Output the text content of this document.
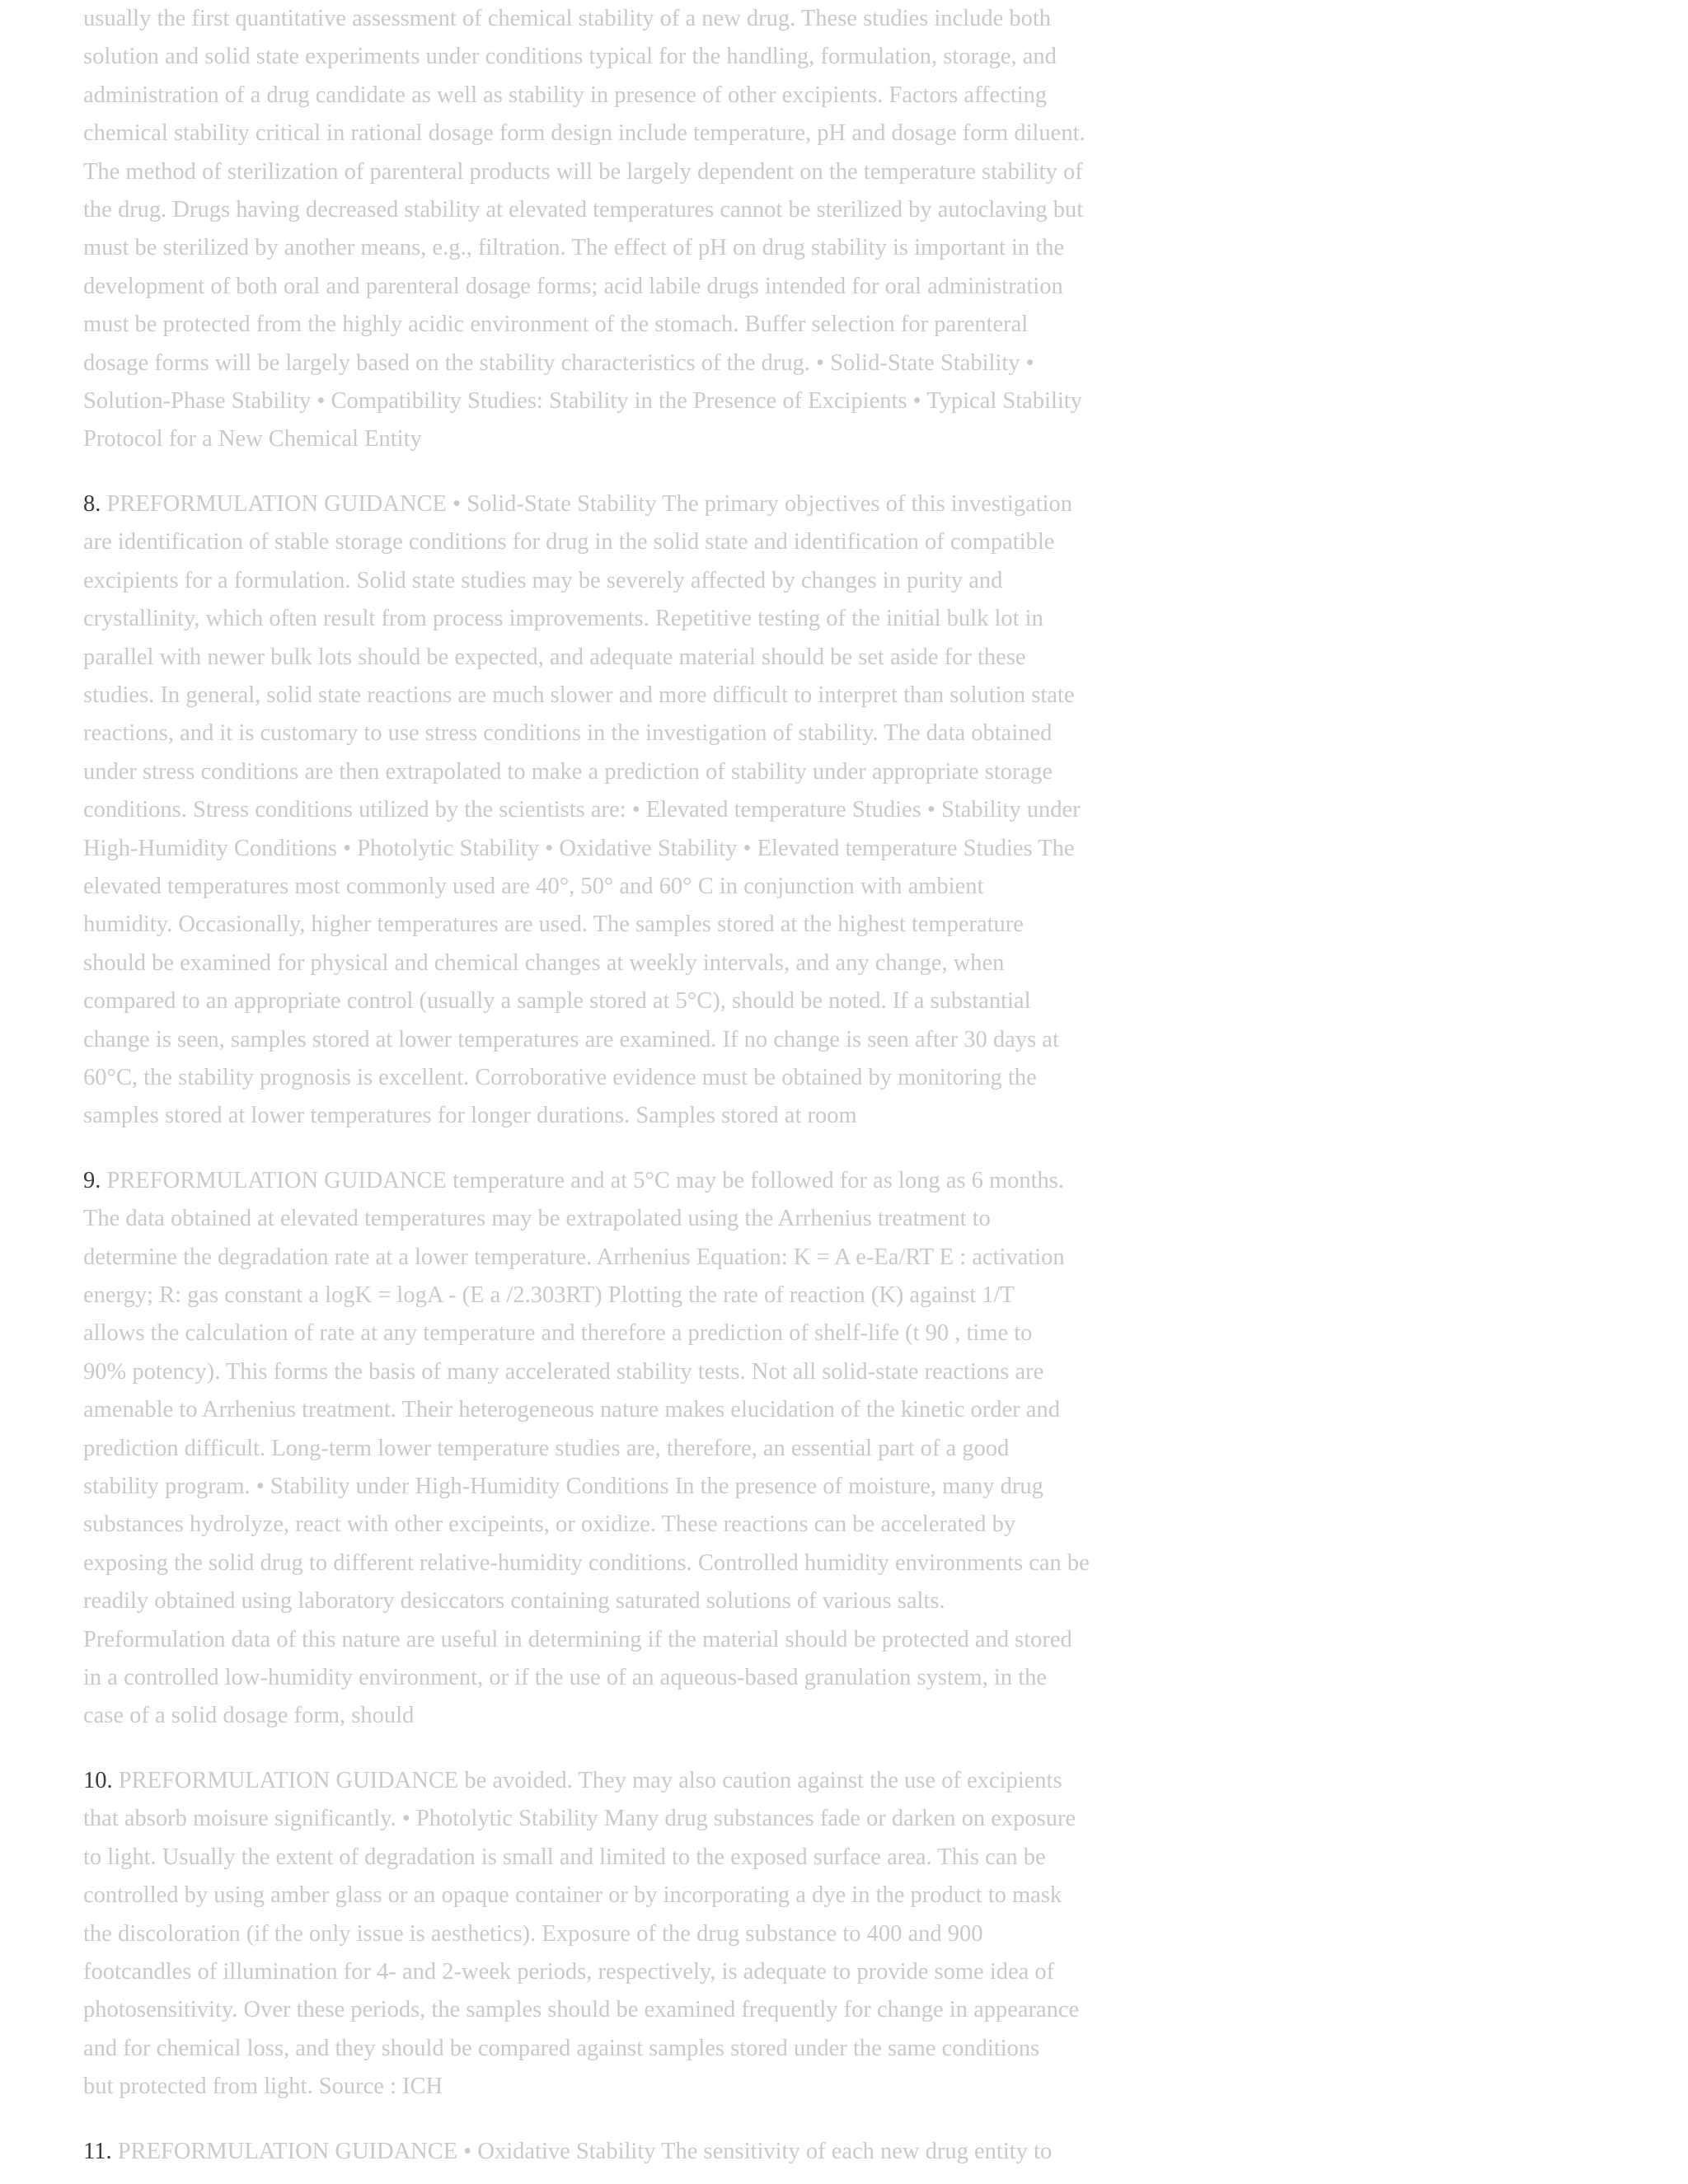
usually the first quantitative assessment of chemical stability of a new drug. These studies include both
solution and solid state experiments under conditions typical for the handling, formulation, storage, and
administration of a drug candidate as well as stability in presence of other excipients. Factors affecting
chemical stability critical in rational dosage form design include temperature, pH and dosage form diluent.
The method of sterilization of parenteral products will be largely dependent on the temperature stability of
the drug. Drugs having decreased stability at elevated temperatures cannot be sterilized by autoclaving but
must be sterilized by another means, e.g., filtration. The effect of pH on drug stability is important in the
development of both oral and parenteral dosage forms; acid labile drugs intended for oral administration
must be protected from the highly acidic environment of the stomach. Buffer selection for parenteral
dosage forms will be largely based on the stability characteristics of the drug. • Solid-State Stability •
Solution-Phase Stability • Compatibility Studies: Stability in the Presence of Excipients • Typical Stability
Protocol for a New Chemical Entity

8. PREFORMULATION GUIDANCE • Solid-State Stability The primary objectives of this investigation
are identification of stable storage conditions for drug in the solid state and identification of compatible
excipients for a formulation. Solid state studies may be severely affected by changes in purity and
crystallinity, which often result from process improvements. Repetitive testing of the initial bulk lot in
parallel with newer bulk lots should be expected, and adequate material should be set aside for these
studies. In general, solid state reactions are much slower and more difficult to interpret than solution state
reactions, and it is customary to use stress conditions in the investigation of stability. The data obtained
under stress conditions are then extrapolated to make a prediction of stability under appropriate storage
conditions. Stress conditions utilized by the scientists are: • Elevated temperature Studies • Stability under
High-Humidity Conditions • Photolytic Stability • Oxidative Stability • Elevated temperature Studies The
elevated temperatures most commonly used are 40°, 50° and 60° C in conjunction with ambient
humidity. Occasionally, higher temperatures are used. The samples stored at the highest temperature
should be examined for physical and chemical changes at weekly intervals, and any change, when
compared to an appropriate control (usually a sample stored at 5°C), should be noted. If a substantial
change is seen, samples stored at lower temperatures are examined. If no change is seen after 30 days at
60°C, the stability prognosis is excellent. Corroborative evidence must be obtained by monitoring the
samples stored at lower temperatures for longer durations. Samples stored at room

9. PREFORMULATION GUIDANCE temperature and at 5°C may be followed for as long as 6 months.
The data obtained at elevated temperatures may be extrapolated using the Arrhenius treatment to
determine the degradation rate at a lower temperature. Arrhenius Equation: K = A e-Ea/RT E : activation
energy; R: gas constant a logK = logA - (E a /2.303RT) Plotting the rate of reaction (K) against 1/T
allows the calculation of rate at any temperature and therefore a prediction of shelf-life (t 90 , time to
90% potency). This forms the basis of many accelerated stability tests. Not all solid-state reactions are
amenable to Arrhenius treatment. Their heterogeneous nature makes elucidation of the kinetic order and
prediction difficult. Long-term lower temperature studies are, therefore, an essential part of a good
stability program. • Stability under High-Humidity Conditions In the presence of moisture, many drug
substances hydrolyze, react with other excipeints, or oxidize. These reactions can be accelerated by
exposing the solid drug to different relative-humidity conditions. Controlled humidity environments can be
readily obtained using laboratory desiccators containing saturated solutions of various salts.
Preformulation data of this nature are useful in determining if the material should be protected and stored
in a controlled low-humidity environment, or if the use of an aqueous-based granulation system, in the
case of a solid dosage form, should

10. PREFORMULATION GUIDANCE be avoided. They may also caution against the use of excipients
that absorb moisure significantly. • Photolytic Stability Many drug substances fade or darken on exposure
to light. Usually the extent of degradation is small and limited to the exposed surface area. This can be
controlled by using amber glass or an opaque container or by incorporating a dye in the product to mask
the discoloration (if the only issue is aesthetics). Exposure of the drug substance to 400 and 900
footcandles of illumination for 4- and 2-week periods, respectively, is adequate to provide some idea of
photosensitivity. Over these periods, the samples should be examined frequently for change in appearance
and for chemical loss, and they should be compared against samples stored under the same conditions
but protected from light. Source : ICH

11. PREFORMULATION GUIDANCE • Oxidative Stability The sensitivity of each new drug entity to
